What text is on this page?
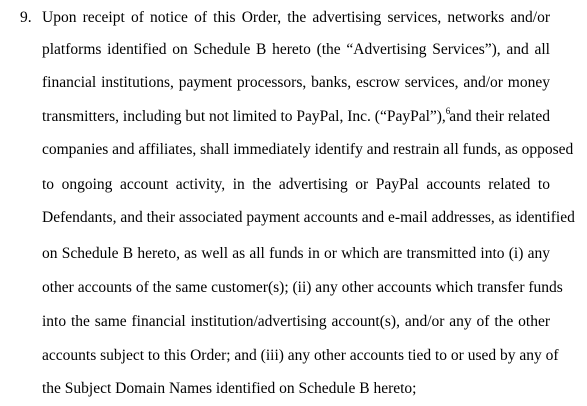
9. Upon receipt of notice of this Order, the advertising services, networks and/or
platforms identified on Schedule B hereto (the “Advertising Services”), and all
financial institutions, payment processors, banks, escrow services, and/or money
transmitters, including but not limited to PayPal, Inc. (“PayPal”),$^6$ and their related
companies and affiliates, shall immediately identify and restrain all funds, as opposed
to ongoing account activity, in the advertising or PayPal accounts related to
Defendants, and their associated payment accounts and e-mail addresses, as identified
on Schedule B hereto, as well as all funds in or which are transmitted into (i) any
other accounts of the same customer(s); (ii) any other accounts which transfer funds
into the same financial institution/advertising account(s), and/or any of the other
accounts subject to this Order; and (iii) any other accounts tied to or used by any of
the Subject Domain Names identified on Schedule B hereto;
